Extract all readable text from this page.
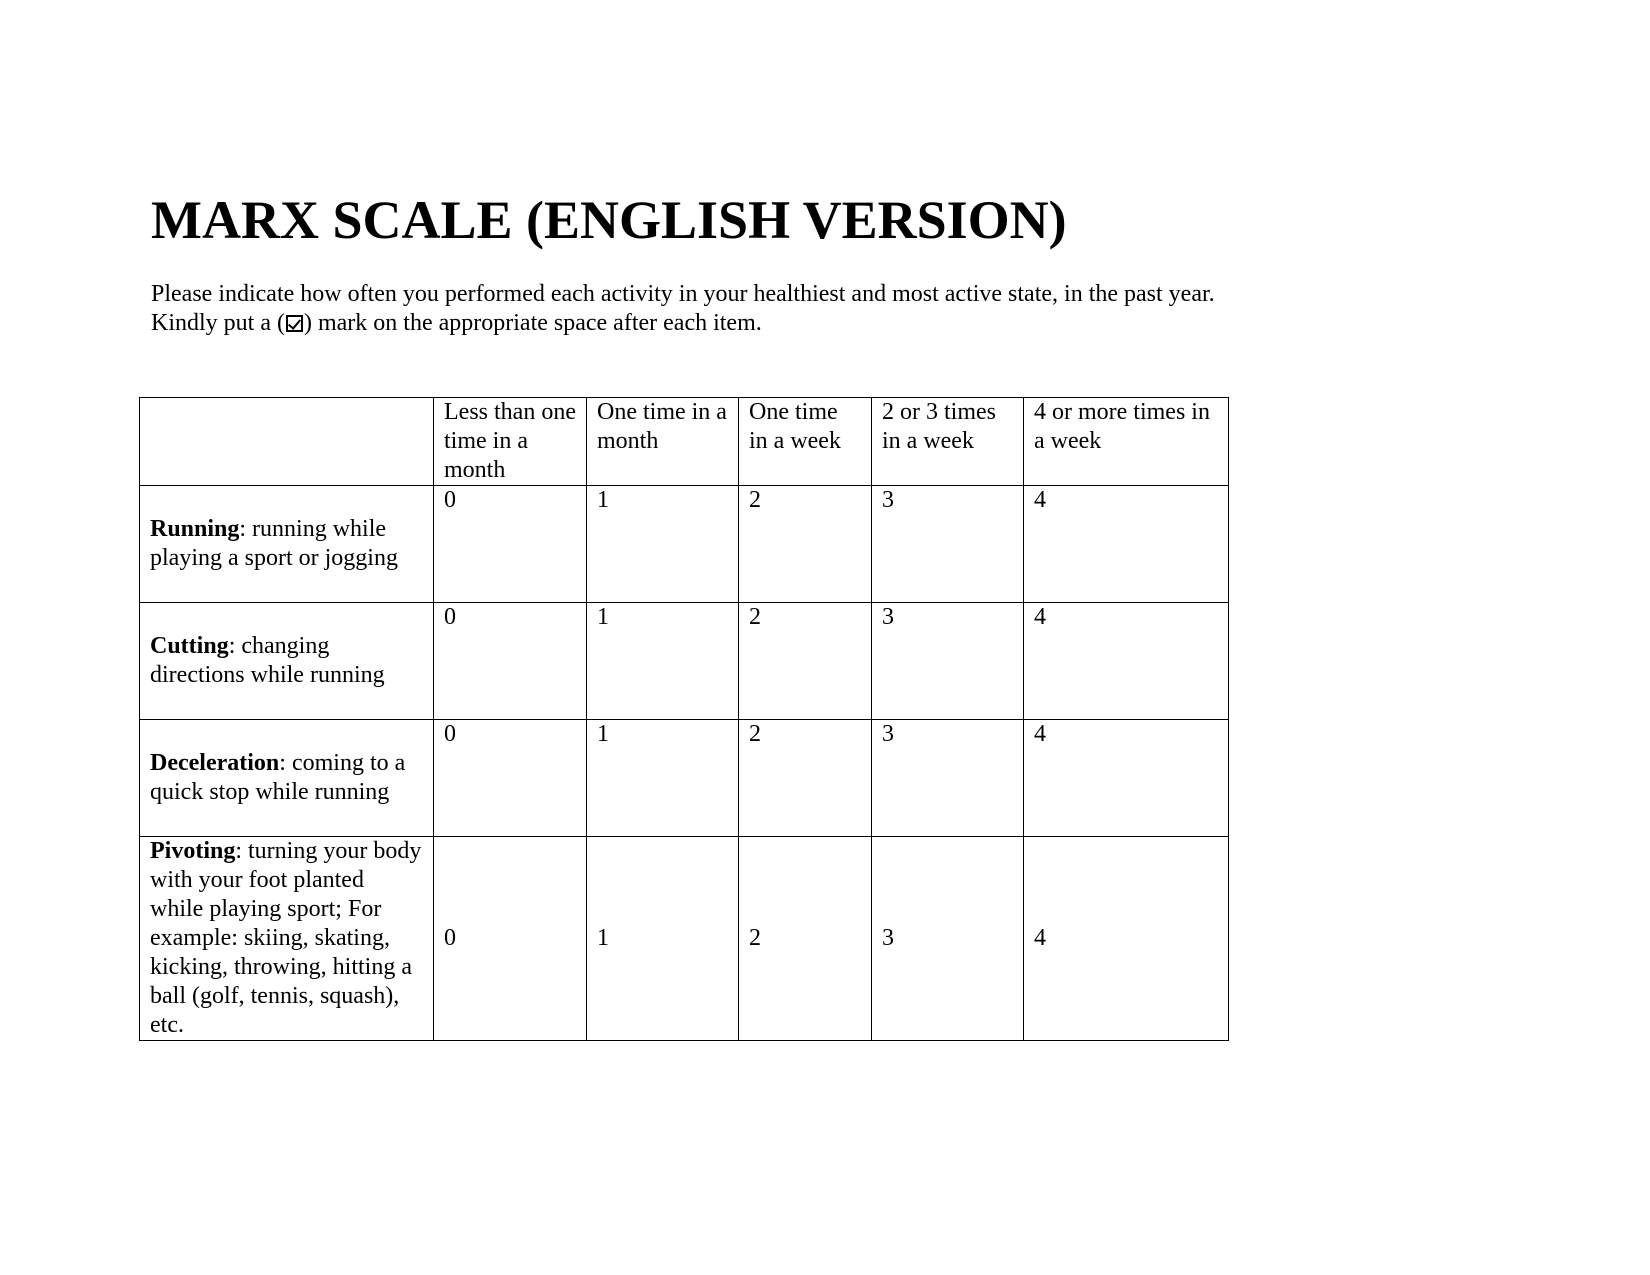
MARX SCALE (ENGLISH VERSION)

Please indicate how often you performed each activity in your healthiest and most active state, in the past year.

Kindly put a ( ) mark on the appropriate space after each item.

	Less than one time in a month	One time in a month	One time in a week	2 or 3 times in a week	4 or more times in a week
Running: running while playing a sport or jogging	0	1	2	3	4
Cutting: changing directions while running	0	1	2	3	4
Deceleration: coming to a quick stop while running	0	1	2	3	4
Pivoting: turning your body with your foot planted while playing sport; For example: skiing, skating, kicking, throwing, hitting a ball (golf, tennis, squash), etc.	0	1	2	3	4
